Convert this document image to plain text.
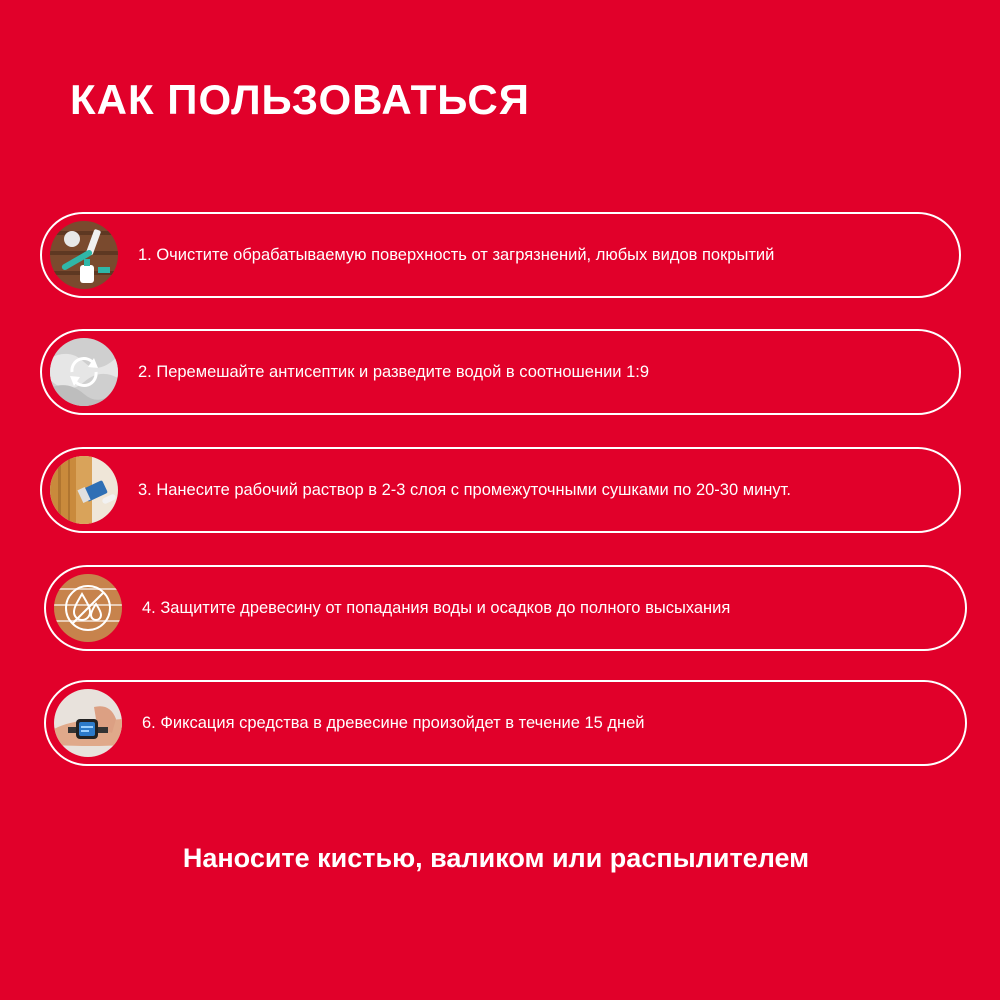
КАК ПОЛЬЗОВАТЬСЯ
1. Очистите обрабатываемую поверхность от загрязнений, любых видов покрытий
2. Перемешайте антисептик и разведите водой в соотношении 1:9
3. Нанесите рабочий раствор в 2-3 слоя с промежуточными сушками по 20-30 минут.
4. Защитите древесину от попадания воды и осадков до полного высыхания
6. Фиксация средства в древесине произойдет в течение 15 дней

Наносите кистью, валиком или распылителем
